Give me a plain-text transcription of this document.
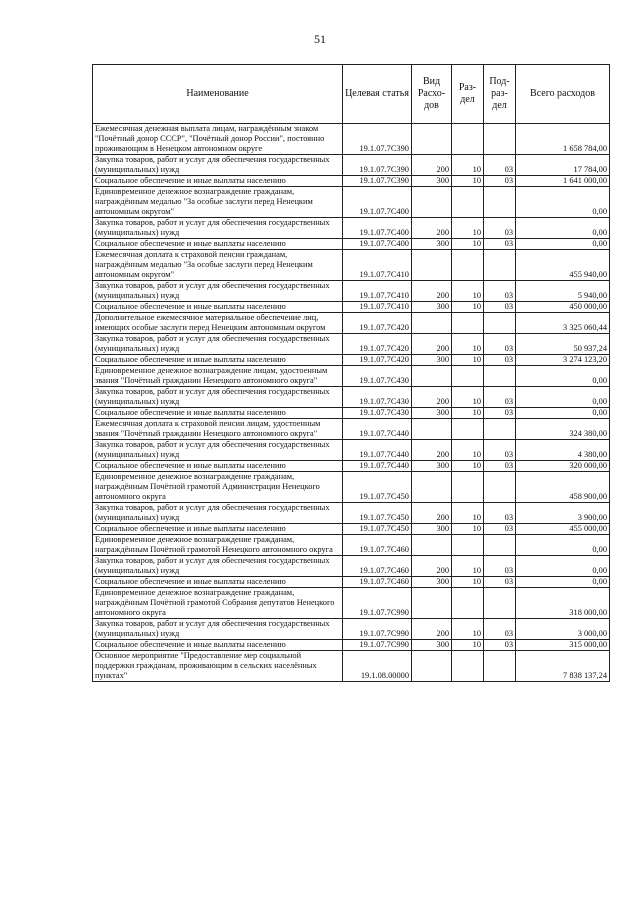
51
Наименование	Целевая статья	Вид Расхо-дов	Раз-дел	Под-раз-дел	Всего расходов
Ежемесячная денежная выплата лицам, награждённым знаком "Почётный донор СССР", "Почётный донор России", постоянно проживающим в Ненецком автономном округе	19.1.07.7С390				1 658 784,00
Закупка товаров, работ и услуг для обеспечения государственных (муниципальных) нужд	19.1.07.7С390	200	10	03	17 784,00
Социальное обеспечение и иные выплаты населению	19.1.07.7С390	300	10	03	1 641 000,00
Единовременное денежное вознаграждение гражданам, награждённым медалью "За особые заслуги перед Ненецким автономным округом"	19.1.07.7С400				0,00
Закупка товаров, работ и услуг для обеспечения государственных (муниципальных) нужд	19.1.07.7С400	200	10	03	0,00
Социальное обеспечение и иные выплаты населению	19.1.07.7С400	300	10	03	0,00
Ежемесячная доплата к страховой пенсии гражданам, награждённым медалью "За особые заслуги перед Ненецким автономным округом"	19.1.07.7С410				455 940,00
Закупка товаров, работ и услуг для обеспечения государственных (муниципальных) нужд	19.1.07.7С410	200	10	03	5 940,00
Социальное обеспечение и иные выплаты населению	19.1.07.7С410	300	10	03	450 000,00
Дополнительное ежемесячное материальное обеспечение лиц, имеющих особые заслуги перед Ненецким автономным округом	19.1.07.7С420				3 325 060,44
Закупка товаров, работ и услуг для обеспечения государственных (муниципальных) нужд	19.1.07.7С420	200	10	03	50 937,24
Социальное обеспечение и иные выплаты населению	19.1.07.7С420	300	10	03	3 274 123,20
Единовременное денежное вознаграждение лицам, удостоенным звания "Почётный гражданин Ненецкого автономного округа"	19.1.07.7С430				0,00
Закупка товаров, работ и услуг для обеспечения государственных (муниципальных) нужд	19.1.07.7С430	200	10	03	0,00
Социальное обеспечение и иные выплаты населению	19.1.07.7С430	300	10	03	0,00
Ежемесячная доплата к страховой пенсии лицам, удостоенным звания "Почётный гражданин Ненецкого автономного округа"	19.1.07.7С440				324 380,00
Закупка товаров, работ и услуг для обеспечения государственных (муниципальных) нужд	19.1.07.7С440	200	10	03	4 380,00
Социальное обеспечение и иные выплаты населению	19.1.07.7С440	300	10	03	320 000,00
Единовременное денежное вознаграждение гражданам, награждённым Почётной грамотой Администрации Ненецкого автономного округа	19.1.07.7С450				458 900,00
Закупка товаров, работ и услуг для обеспечения государственных (муниципальных) нужд	19.1.07.7С450	200	10	03	3 900,00
Социальное обеспечение и иные выплаты населению	19.1.07.7С450	300	10	03	455 000,00
Единовременное денежное вознаграждение гражданам, награждённым Почётной грамотой Ненецкого автономного округа	19.1.07.7С460				0,00
Закупка товаров, работ и услуг для обеспечения государственных (муниципальных) нужд	19.1.07.7С460	200	10	03	0,00
Социальное обеспечение и иные выплаты населению	19.1.07.7С460	300	10	03	0,00
Единовременное денежное вознаграждение гражданам, награждённым Почётной грамотой Собрания депутатов Ненецкого автономного округа	19.1.07.7С990				318 000,00
Закупка товаров, работ и услуг для обеспечения государственных (муниципальных) нужд	19.1.07.7С990	200	10	03	3 000,00
Социальное обеспечение и иные выплаты населению	19.1.07.7С990	300	10	03	315 000,00
Основное мероприятие "Предоставление мер социальной поддержки гражданам, проживающим в сельских населённых пунктах"	19.1.08.00000				7 838 137,24
